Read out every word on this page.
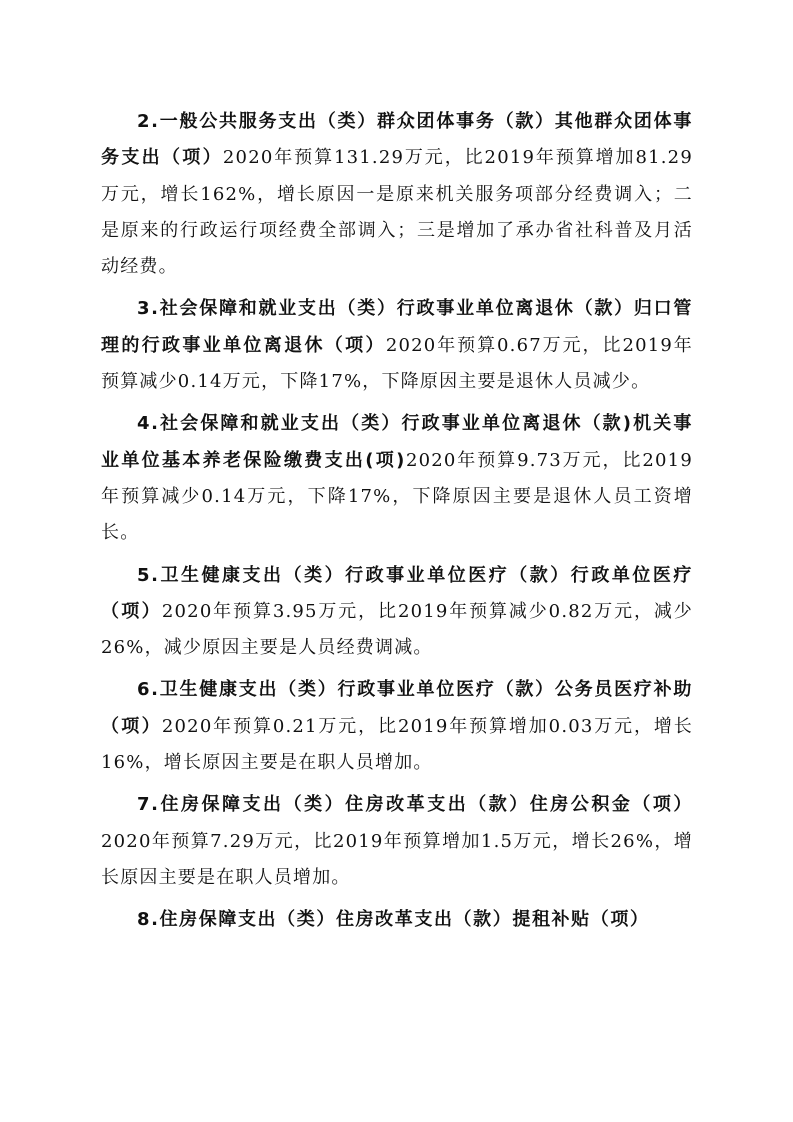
2.一般公共服务支出（类）群众团体事务（款）其他群众团体事务支出（项）2020年预算131.29万元，比2019年预算增加81.29万元，增长162%，增长原因一是原来机关服务项部分经费调入；二是原来的行政运行项经费全部调入；三是增加了承办省社科普及月活动经费。

3.社会保障和就业支出（类）行政事业单位离退休（款）归口管理的行政事业单位离退休（项）2020年预算0.67万元，比2019年预算减少0.14万元，下降17%，下降原因主要是退休人员减少。

4.社会保障和就业支出（类）行政事业单位离退休（款)机关事业单位基本养老保险缴费支出(项)2020年预算9.73万元，比2019年预算减少0.14万元，下降17%，下降原因主要是退休人员工资增长。

5.卫生健康支出（类）行政事业单位医疗（款）行政单位医疗（项）2020年预算3.95万元，比2019年预算减少0.82万元，减少26%，减少原因主要是人员经费调减。

6.卫生健康支出（类）行政事业单位医疗（款）公务员医疗补助（项）2020年预算0.21万元，比2019年预算增加0.03万元，增长16%，增长原因主要是在职人员增加。

7.住房保障支出（类）住房改革支出（款）住房公积金（项）2020年预算7.29万元，比2019年预算增加1.5万元，增长26%，增长原因主要是在职人员增加。

8.住房保障支出（类）住房改革支出（款）提租补贴（项）
